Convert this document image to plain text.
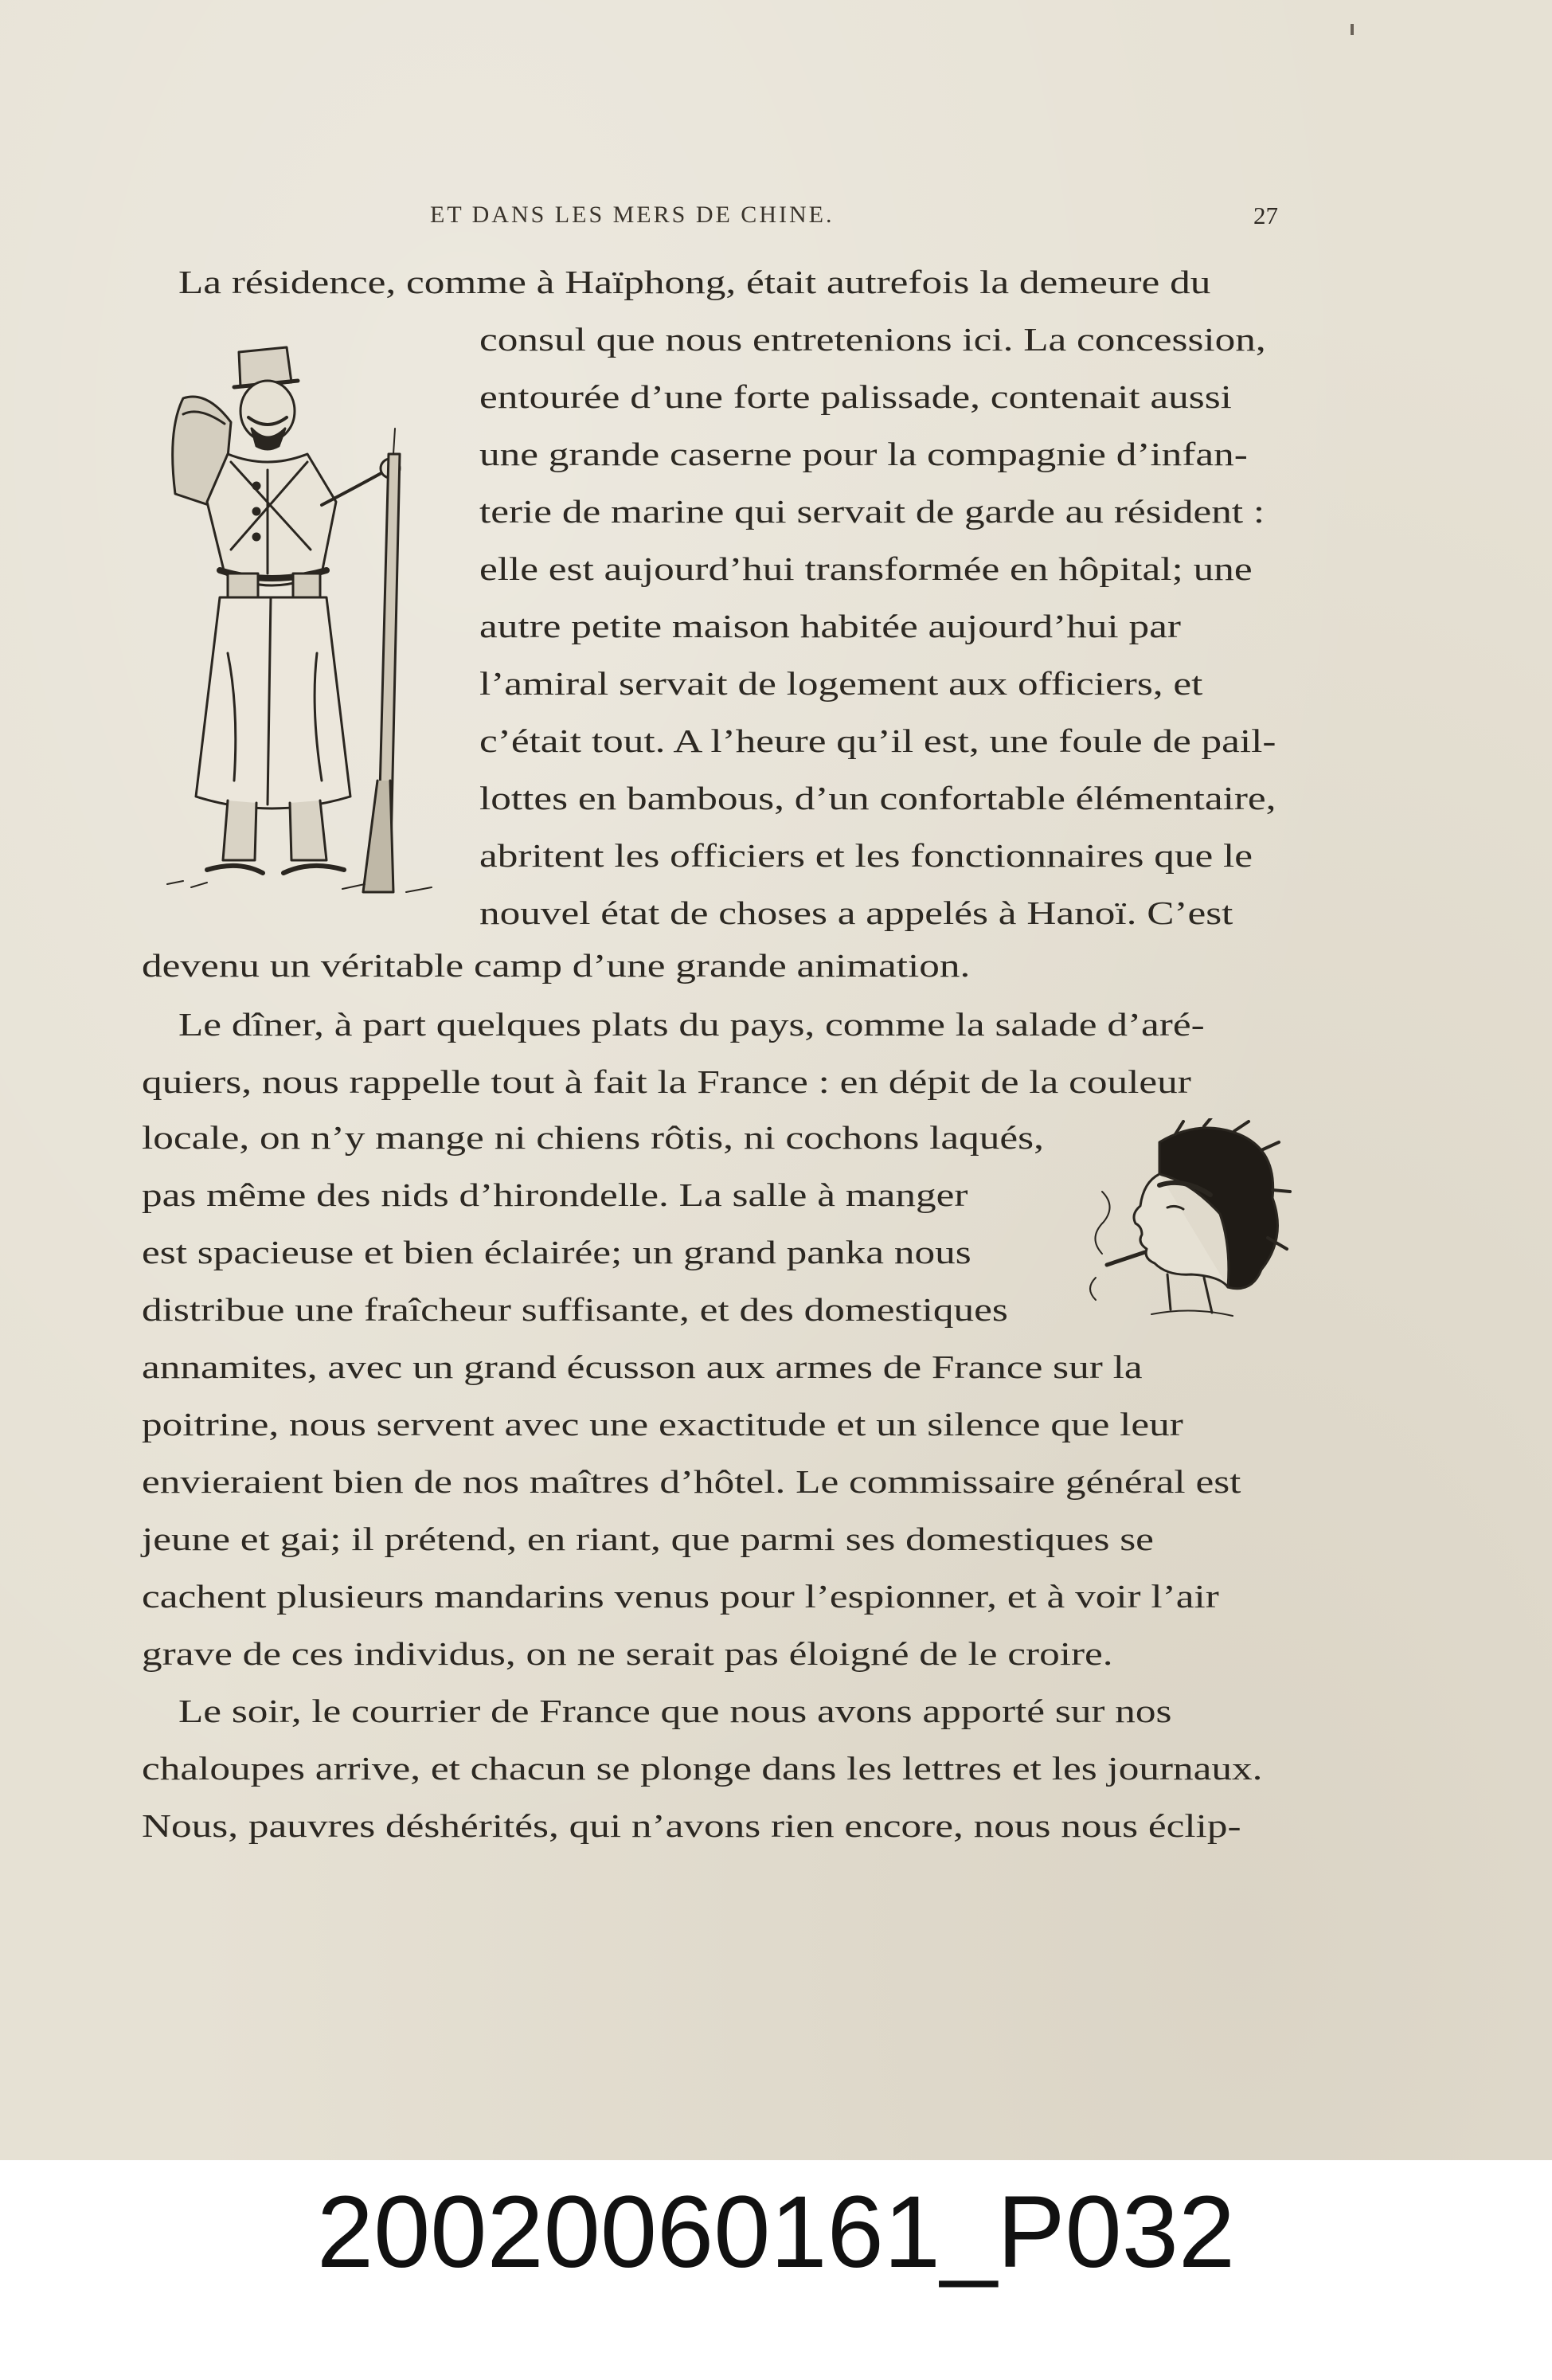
ET DANS LES MERS DE CHINE.	27
La résidence, comme à Haïphong, était autrefois la demeure du
consul que nous entretenions ici. La concession,
entourée d’une forte palissade, contenait aussi
une grande caserne pour la compagnie d’infan-
terie de marine qui servait de garde au résident :
elle est aujourd’hui transformée en hôpital; une
autre petite maison habitée aujourd’hui par
l’amiral servait de logement aux officiers, et
c’était tout. A l’heure qu’il est, une foule de pail-
lottes en bambous, d’un confortable élémentaire,
abritent les officiers et les fonctionnaires que le
nouvel état de choses a appelés à Hanoï. C’est
devenu un véritable camp d’une grande animation.
Le dîner, à part quelques plats du pays, comme la salade d’aré-
quiers, nous rappelle tout à fait la France : en dépit de la couleur
locale, on n’y mange ni chiens rôtis, ni cochons laqués,
pas même des nids d’hirondelle. La salle à manger
est spacieuse et bien éclairée; un grand panka nous
distribue une fraîcheur suffisante, et des domestiques
annamites, avec un grand écusson aux armes de France sur la
poitrine, nous servent avec une exactitude et un silence que leur
envieraient bien de nos maîtres d’hôtel. Le commissaire général est
jeune et gai; il prétend, en riant, que parmi ses domestiques se
cachent plusieurs mandarins venus pour l’espionner, et à voir l’air
grave de ces individus, on ne serait pas éloigné de le croire.
Le soir, le courrier de France que nous avons apporté sur nos
chaloupes arrive, et chacun se plonge dans les lettres et les journaux.
Nous, pauvres déshérités, qui n’avons rien encore, nous nous éclip-
20020060161_P032
